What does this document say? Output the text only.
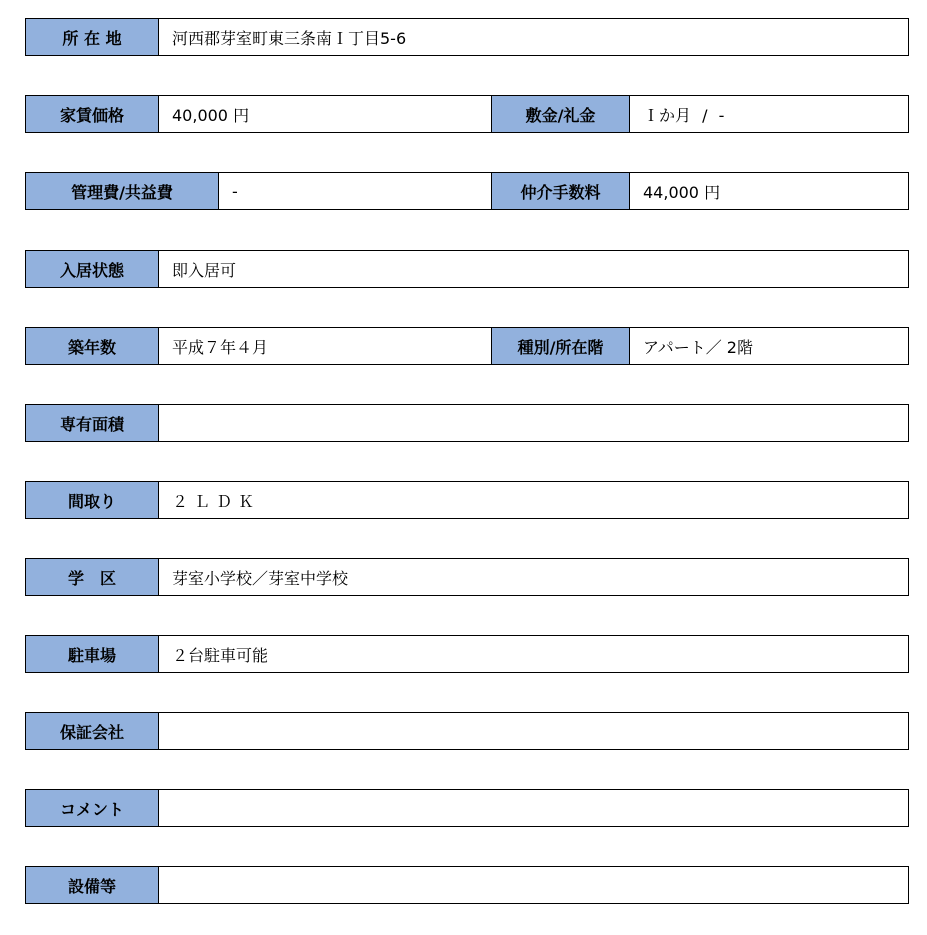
所 在 地	河西郡芽室町東三条南Ｉ丁目5-6
家賃価格	40,000 円	敷金/礼金	Ｉか月 / -
管理費/共益費	-	仲介手数料	44,000 円
入居状態	即入居可
築年数	平成７年４月	種別/所在階	アパート／ 2階
専有面積
間取り	２ＬＤＫ
学　区	芽室小学校／芽室中学校
駐車場	２台駐車可能
保証会社
コメント
設備等
